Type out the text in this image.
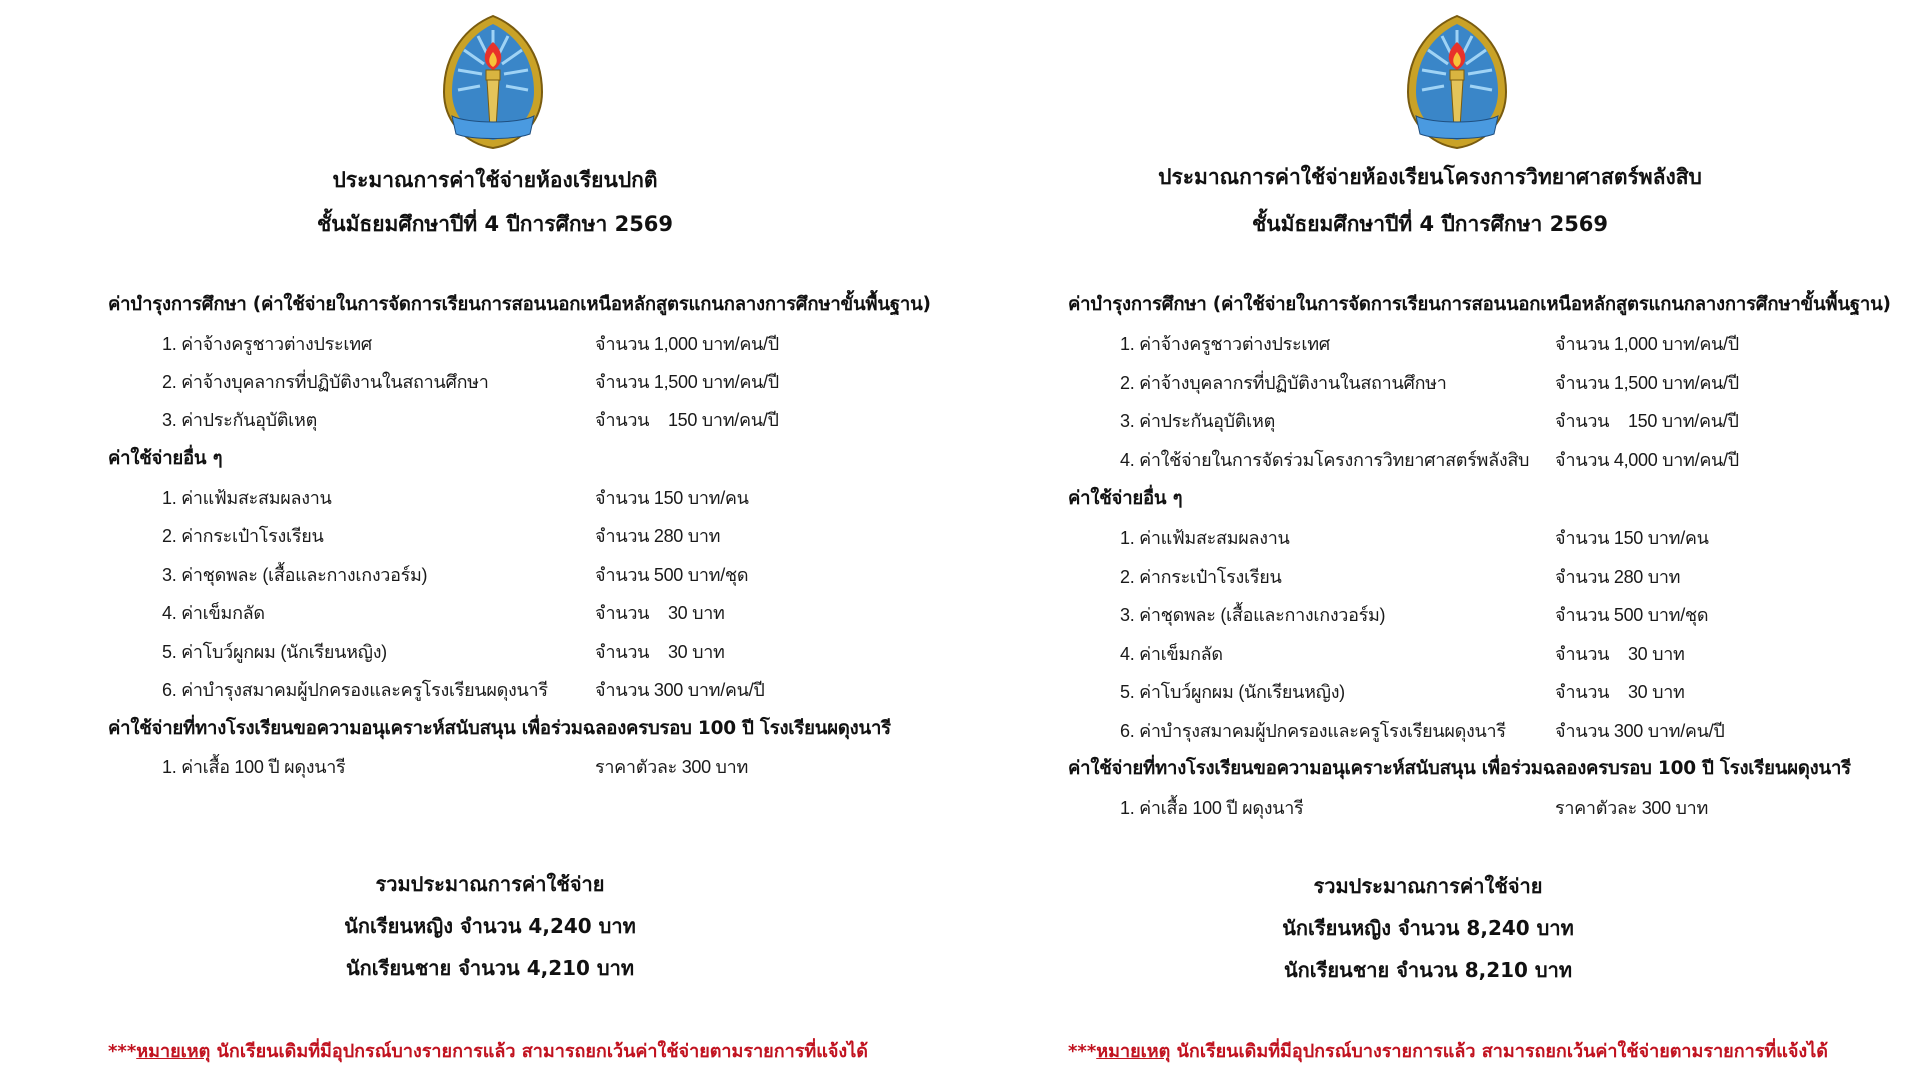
ประมาณการค่าใช้จ่ายห้องเรียนปกติ
ชั้นมัธยมศึกษาปีที่ 4 ปีการศึกษา 2569
ค่าบำรุงการศึกษา (ค่าใช้จ่ายในการจัดการเรียนการสอนนอกเหนือหลักสูตรแกนกลางการศึกษาขั้นพื้นฐาน)
1. ค่าจ้างครูชาวต่างประเทศ	จำนวน 1,000 บาท/คน/ปี
2. ค่าจ้างบุคลากรที่ปฏิบัติงานในสถานศึกษา	จำนวน 1,500 บาท/คน/ปี
3. ค่าประกันอุบัติเหตุ	จำนวน    150 บาท/คน/ปี
ค่าใช้จ่ายอื่น ๆ
1. ค่าแฟ้มสะสมผลงาน	จำนวน 150 บาท/คน
2. ค่ากระเป๋าโรงเรียน	จำนวน 280 บาท
3. ค่าชุดพละ (เสื้อและกางเกงวอร์ม)	จำนวน 500 บาท/ชุด
4. ค่าเข็มกลัด	จำนวน    30 บาท
5. ค่าโบว์ผูกผม (นักเรียนหญิง)	จำนวน    30 บาท
6. ค่าบำรุงสมาคมผู้ปกครองและครูโรงเรียนผดุงนารี	จำนวน 300 บาท/คน/ปี
ค่าใช้จ่ายที่ทางโรงเรียนขอความอนุเคราะห์สนับสนุน เพื่อร่วมฉลองครบรอบ 100 ปี โรงเรียนผดุงนารี
1. ค่าเสื้อ 100 ปี ผดุงนารี	ราคาตัวละ 300 บาท
รวมประมาณการค่าใช้จ่าย
นักเรียนหญิง จำนวน 4,240 บาท
นักเรียนชาย จำนวน 4,210 บาท
***หมายเหตุ นักเรียนเดิมที่มีอุปกรณ์บางรายการแล้ว สามารถยกเว้นค่าใช้จ่ายตามรายการที่แจ้งได้
ประมาณการค่าใช้จ่ายห้องเรียนโครงการวิทยาศาสตร์พลังสิบ
ชั้นมัธยมศึกษาปีที่ 4 ปีการศึกษา 2569
ค่าบำรุงการศึกษา (ค่าใช้จ่ายในการจัดการเรียนการสอนนอกเหนือหลักสูตรแกนกลางการศึกษาขั้นพื้นฐาน)
1. ค่าจ้างครูชาวต่างประเทศ	จำนวน 1,000 บาท/คน/ปี
2. ค่าจ้างบุคลากรที่ปฏิบัติงานในสถานศึกษา	จำนวน 1,500 บาท/คน/ปี
3. ค่าประกันอุบัติเหตุ	จำนวน    150 บาท/คน/ปี
4. ค่าใช้จ่ายในการจัดร่วมโครงการวิทยาศาสตร์พลังสิบ จำนวน 4,000 บาท/คน/ปี
ค่าใช้จ่ายอื่น ๆ
1. ค่าแฟ้มสะสมผลงาน	จำนวน 150 บาท/คน
2. ค่ากระเป๋าโรงเรียน	จำนวน 280 บาท
3. ค่าชุดพละ (เสื้อและกางเกงวอร์ม)	จำนวน 500 บาท/ชุด
4. ค่าเข็มกลัด	จำนวน    30 บาท
5. ค่าโบว์ผูกผม (นักเรียนหญิง)	จำนวน    30 บาท
6. ค่าบำรุงสมาคมผู้ปกครองและครูโรงเรียนผดุงนารี	จำนวน 300 บาท/คน/ปี
ค่าใช้จ่ายที่ทางโรงเรียนขอความอนุเคราะห์สนับสนุน เพื่อร่วมฉลองครบรอบ 100 ปี โรงเรียนผดุงนารี
1. ค่าเสื้อ 100 ปี ผดุงนารี	ราคาตัวละ 300 บาท
รวมประมาณการค่าใช้จ่าย
นักเรียนหญิง จำนวน 8,240 บาท
นักเรียนชาย จำนวน 8,210 บาท
***หมายเหตุ นักเรียนเดิมที่มีอุปกรณ์บางรายการแล้ว สามารถยกเว้นค่าใช้จ่ายตามรายการที่แจ้งได้
